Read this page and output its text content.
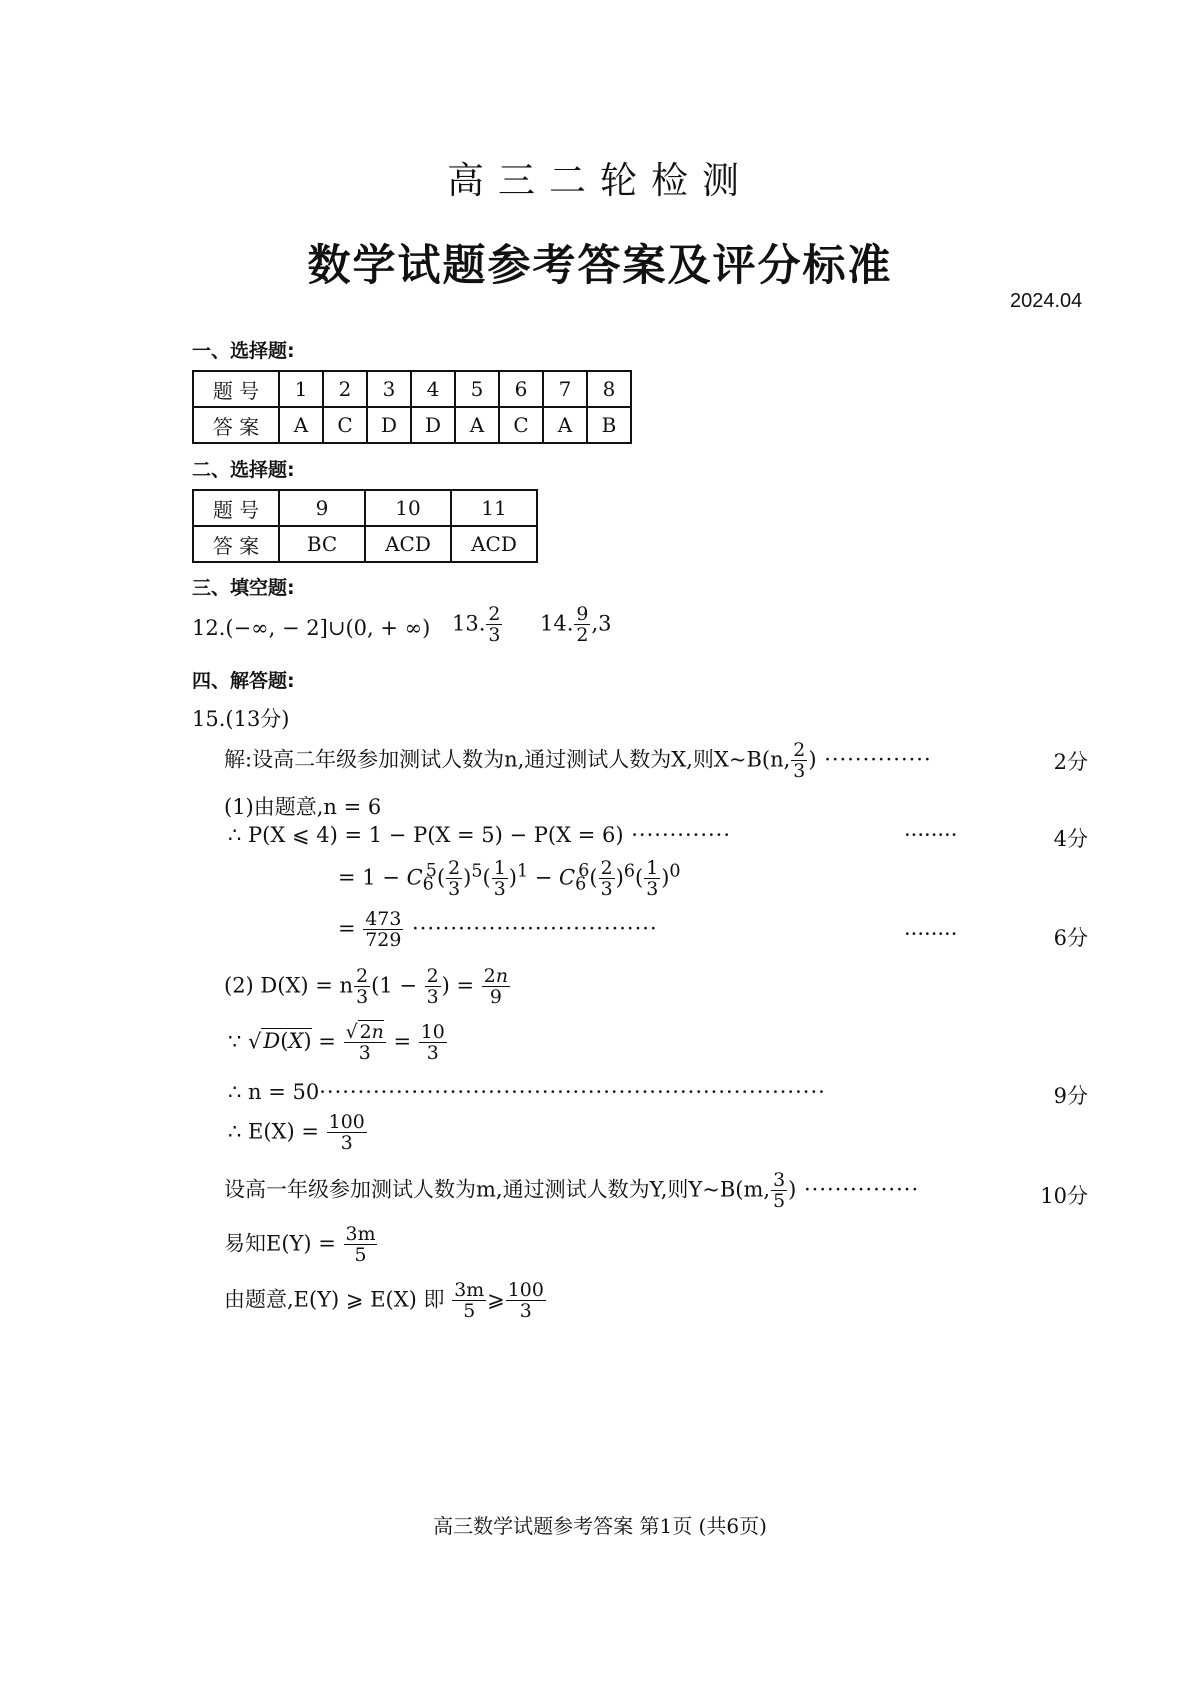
高三二轮检测
数学试题参考答案及评分标准
2024.04
一、选择题:
题 号	1	2	3	4	5	6	7	8
答 案	A	C	D	D	A	C	A	B
二、选择题:
题 号	9	10	11
答 案	BC	ACD	ACD
三、填空题:
12.(−∞, − 2]∪(0, + ∞) 13. $\frac{2}{3} 14$. $\frac{9}{2} ,3$
四、解答题:
15.(13分)
解:设高二年级参加测试人数为n,通过测试人数为X,则X~B(n, $\frac{2}{3}$ ) ··············	2分
(1)由题意,n = 6
∴ P(X ⩽ 4) = 1 − P(X = 5) − P(X = 6) ·············	········	4分
= $1 - C_6^5( \frac{2}{3} )^5( \frac{1}{3} )^1 - C_6^6( \frac{2}{3} )^6( \frac{1}{3} )^0$
= $\frac{473}{729}$ ································	········	6分
(2) D(X) = n $\frac{2}{3} (1 - \frac{2}{3}$ ) = $\frac{2n}{9}$
∵ $√D(X) = \frac{√ 2n}{3} = \frac{10}{3}$
∴ n = 50··································································	9分
∴ $E(X) = \frac{100}{3}$
设高一年级参加测试人数为m,通过测试人数为Y,则Y~B(m, $\frac{3}{5}$ ) ···············	10分
易知$E(Y) = \frac{3m}{5}$
由题意,E(Y) ⩾ E(X) 即 $\frac{3m}{5}$ ⩾ $\frac{100}{3}$
高三数学试题参考答案 第1页 (共6页)
